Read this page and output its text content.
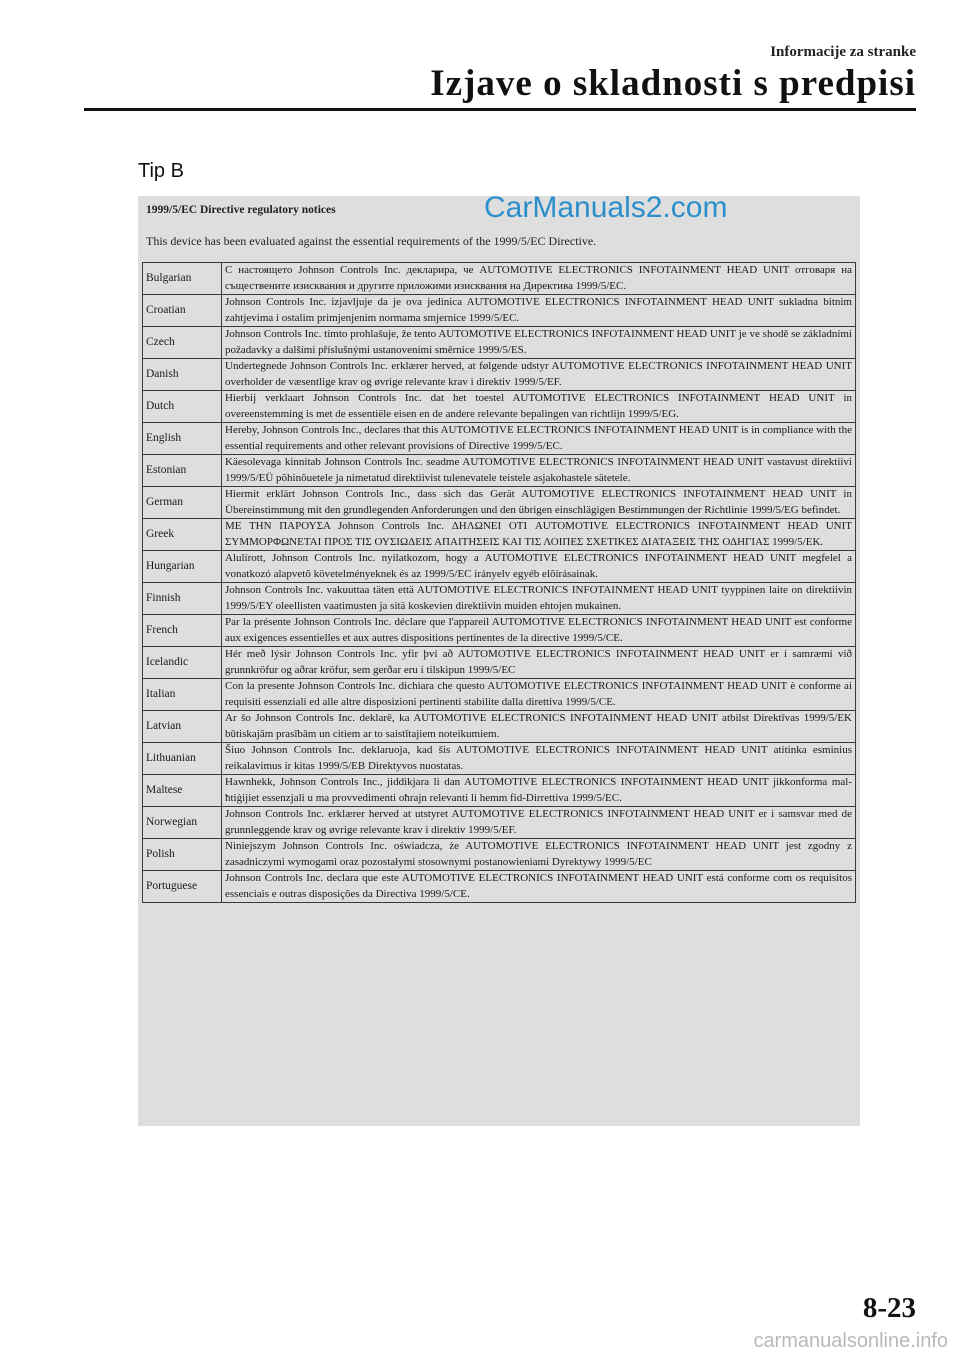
Informacije za stranke
Izjave o skladnosti s predpisi
Tip B
1999/5/EC Directive regulatory notices	CarManuals2.com
This device has been evaluated against the essential requirements of the 1999/5/EC Directive.
Bulgarian	С настоящето Johnson Controls Inc. декларира, че AUTOMOTIVE ELECTRONICS INFOTAINMENT HEAD UNIT отговаря на съществените изисквания и другите приложими изисквания на Директива 1999/5/ЕС.
Croatian	Johnson Controls Inc. izjavljuje da je ova jedinica AUTOMOTIVE ELECTRONICS INFOTAINMENT HEAD UNIT sukladna bitnim zahtjevima i ostalim primjenjenim normama smjernice 1999/5/EC.
Czech	Johnson Controls Inc. tímto prohlašuje, že tento AUTOMOTIVE ELECTRONICS INFOTAINMENT HEAD UNIT je ve shodě se základními požadavky a dalšími příslušnými ustanoveními směrnice 1999/5/ES.
Danish	Undertegnede Johnson Controls Inc. erklærer herved, at følgende udstyr AUTOMOTIVE ELECTRONICS INFOTAINMENT HEAD UNIT overholder de væsentlige krav og øvrige relevante krav i direktiv 1999/5/EF.
Dutch	Hierbij verklaart Johnson Controls Inc. dat het toestel AUTOMOTIVE ELECTRONICS INFOTAINMENT HEAD UNIT in overeenstemming is met de essentiële eisen en de andere relevante bepalingen van richtlijn 1999/5/EG.
English	Hereby, Johnson Controls Inc., declares that this AUTOMOTIVE ELECTRONICS INFOTAINMENT HEAD UNIT is in compliance with the essential requirements and other relevant provisions of Directive 1999/5/EC.
Estonian	Käesolevaga kinnitab Johnson Controls Inc. seadme AUTOMOTIVE ELECTRONICS INFOTAINMENT HEAD UNIT vastavust direktiivi 1999/5/EÜ põhinõuetele ja nimetatud direktiivist tulenevatele teistele asjakohastele sätetele.
German	Hiermit erklärt Johnson Controls Inc., dass sich das Gerät AUTOMOTIVE ELECTRONICS INFOTAINMENT HEAD UNIT in Übereinstimmung mit den grundlegenden Anforderungen und den übrigen einschlägigen Bestimmungen der Richtlinie 1999/5/EG befindet.
Greek	ΜΕ ΤΗΝ ΠΑΡΟΥΣΑ Johnson Controls Inc. ΔΗΛΩΝΕΙ ΟΤΙ AUTOMOTIVE ELECTRONICS INFOTAINMENT HEAD UNIT ΣΥΜΜΟΡΦΩΝΕΤΑΙ ΠΡΟΣ ΤΙΣ ΟΥΣΙΩΔΕΙΣ ΑΠΑΙΤΗΣΕΙΣ ΚΑΙ ΤΙΣ ΛΟΙΠΕΣ ΣΧΕΤΙΚΕΣ ΔΙΑΤΑΞΕΙΣ ΤΗΣ ΟΔΗΓΙΑΣ 1999/5/ΕΚ.
Hungarian	Alulírott, Johnson Controls Inc. nyilatkozom, hogy a AUTOMOTIVE ELECTRONICS INFOTAINMENT HEAD UNIT megfelel a vonatkozó alapvetõ követelményeknek és az 1999/5/EC irányelv egyéb elõírásainak.
Finnish	Johnson Controls Inc. vakuuttaa täten että AUTOMOTIVE ELECTRONICS INFOTAINMENT HEAD UNIT tyyppinen laite on direktiivin 1999/5/EY oleellisten vaatimusten ja sitä koskevien direktiivin muiden ehtojen mukainen.
French	Par la présente Johnson Controls Inc. déclare que l'appareil AUTOMOTIVE ELECTRONICS INFOTAINMENT HEAD UNIT est conforme aux exigences essentielles et aux autres dispositions pertinentes de la directive 1999/5/CE.
Icelandic	Hér með lýsir Johnson Controls Inc. yfir því að AUTOMOTIVE ELECTRONICS INFOTAINMENT HEAD UNIT er í samræmi við grunnkröfur og aðrar kröfur, sem gerðar eru í tilskipun 1999/5/EC
Italian	Con la presente Johnson Controls Inc. dichiara che questo AUTOMOTIVE ELECTRONICS INFOTAINMENT HEAD UNIT è conforme ai requisiti essenziali ed alle altre disposizioni pertinenti stabilite dalla direttiva 1999/5/CE.
Latvian	Ar šo Johnson Controls Inc. deklarē, ka AUTOMOTIVE ELECTRONICS INFOTAINMENT HEAD UNIT atbilst Direktīvas 1999/5/EK būtiskajām prasībām un citiem ar to saistītajiem noteikumiem.
Lithuanian	Šiuo Johnson Controls Inc. deklaruoja, kad šis AUTOMOTIVE ELECTRONICS INFOTAINMENT HEAD UNIT atitinka esminius reikalavimus ir kitas 1999/5/EB Direktyvos nuostatas.
Maltese	Hawnhekk, Johnson Controls Inc., jiddikjara li dan AUTOMOTIVE ELECTRONICS INFOTAINMENT HEAD UNIT jikkonforma mal-ħtiġijiet essenzjali u ma provvedimenti oħrajn relevanti li hemm fid-Dirrettiva 1999/5/EC.
Norwegian	Johnson Controls Inc. erklærer herved at utstyret AUTOMOTIVE ELECTRONICS INFOTAINMENT HEAD UNIT er i samsvar med de grunnleggende krav og øvrige relevante krav i direktiv 1999/5/EF.
Polish	Niniejszym Johnson Controls Inc. oświadcza, że AUTOMOTIVE ELECTRONICS INFOTAINMENT HEAD UNIT jest zgodny z zasadniczymi wymogami oraz pozostałymi stosownymi postanowieniami Dyrektywy 1999/5/EC
Portuguese	Johnson Controls Inc. declara que este AUTOMOTIVE ELECTRONICS INFOTAINMENT HEAD UNIT está conforme com os requisitos essenciais e outras disposições da Directiva 1999/5/CE.
8-23
carmanualsonline.info
